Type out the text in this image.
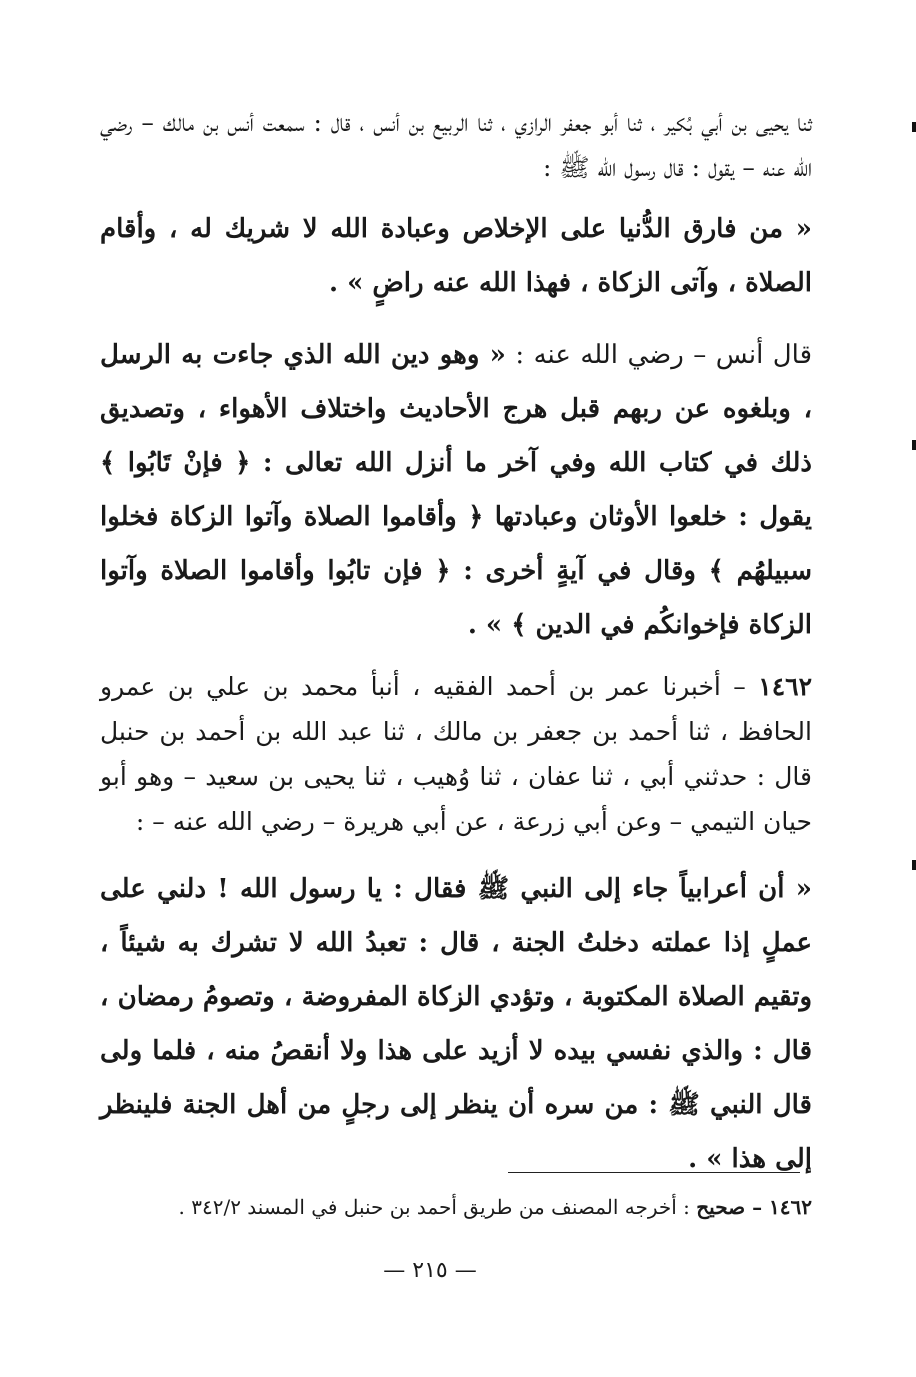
ثنا يحيى بن أبي بُكير ، ثنا أبو جعفر الرازي ، ثنا الربيع بن أنس ، قال : سمعت أنس بن مالك – رضي الله عنه – يقول : قال رسول الله ﷺ :

« من فارق الدُّنيا على الإخلاص وعبادة الله لا شريك له ، وأقام الصلاة ، وآتى الزكاة ، فهذا الله عنه راضٍ » .

قال أنس – رضي الله عنه : « وهو دين الله الذي جاءت به الرسل ، وبلغوه عن ربهم قبل هرج الأحاديث واختلاف الأهواء ، وتصديق ذلك في كتاب الله وفي آخر ما أنزل الله تعالى : ﴿ فإنْ تَابُوا ﴾ يقول : خلعوا الأوثان وعبادتها ﴿ وأقاموا الصلاة وآتوا الزكاة فخلوا سبيلهُم ﴾ وقال في آيةٍ أخرى : ﴿ فإن تابُوا وأقاموا الصلاة وآتوا الزكاة فإخوانكُم في الدين ﴾ » .

١٤٦٢ – أخبرنا عمر بن أحمد الفقيه ، أنبأ محمد بن علي بن عمرو الحافظ ، ثنا أحمد بن جعفر بن مالك ، ثنا عبد الله بن أحمد بن حنبل قال : حدثني أبي ، ثنا عفان ، ثنا وُهيب ، ثنا يحيى بن سعيد – وهو أبو حيان التيمي – وعن أبي زرعة ، عن أبي هريرة – رضي الله عنه – :

« أن أعرابياً جاء إلى النبي ﷺ فقال : يا رسول الله ! دلني على عملٍ إذا عملته دخلتُ الجنة ، قال : تعبدُ الله لا تشرك به شيئاً ، وتقيم الصلاة المكتوبة ، وتؤدي الزكاة المفروضة ، وتصومُ رمضان ، قال : والذي نفسي بيده لا أزيد على هذا ولا أنقصُ منه ، فلما ولى قال النبي ﷺ : من سره أن ينظر إلى رجلٍ من أهل الجنة فلينظر إلى هذا » .

١٤٦٢ – صحيح : أخرجه المصنف من طريق أحمد بن حنبل في المسند ٣٤٢/٢ .
— ٢١٥ —
